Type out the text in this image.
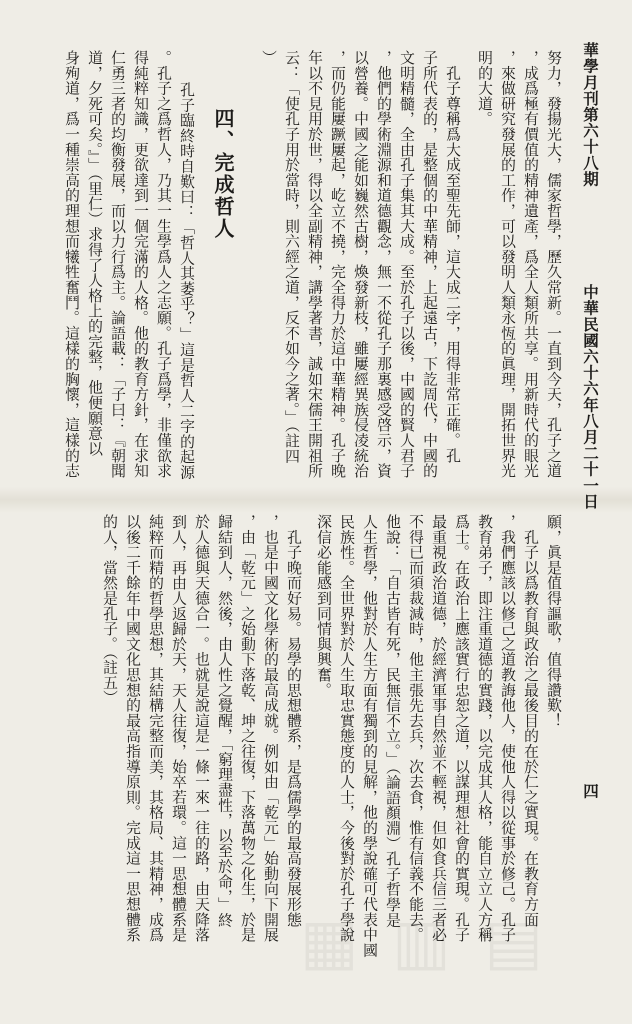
華學月刊第六十八期
中華民國六十六年八月二十一日
四
努力，發揚光大，儒家哲學，歷久常新。一直到今天，孔子之道
，成爲極有價值的精神遺產，爲全人類所共享。用新時代的眼光
，來做研究發展的工作，可以發明人類永恆的眞理，開拓世界光
明的大道。
　孔子尊稱爲大成至聖先師，這大成二字，用得非常正確。孔
子所代表的，是整個的中華精神，上起遠古，下訖周代，中國的
文明精髓，全由孔子集其大成。至於孔子以後，中國的賢人君子
，他們的學術淵源和道德觀念，無一不從孔子那裏感受啓示，資
以營養。中國之能如巍然古樹，煥發新枝，雖屢經異族侵凌統治
，而仍能屢蹶屢起，屹立不撓，完全得力於這中華精神。孔子晚
年以不見用於世，得以全副精神，講學著書，誠如宋儒王開祖所
云：「使孔子用於當時，則六經之道，反不如今之著。」（註四
）
四、完成哲人
孔子臨終時自歎曰：「哲人其萎乎？」這是哲人二字的起源
。孔子之爲哲人，乃其一生學爲人之志願。孔子爲學，非僅欲求
得純粹知識，更欲達到一個完滿的人格。他的教育方針，在求知
仁勇三者的均衡發展，而以力行爲主。論語載：「子曰：『朝聞
道，夕死可矣。』」（里仁）求得了人格上的完整，他便願意以
身殉道，爲一種崇高的理想而犧牲奮鬥。這樣的胸懷，這樣的志
願，眞是值得謳歌，值得讚歎！
　孔子以爲教育與政治之最後目的在於仁之實現。在教育方面
，我們應該以修己之道教誨他人，使他人得以從事於修己。孔子
教育弟子，即注重道德的實踐，以完成其人格，能自立立人方稱
爲士。在政治上應該實行忠恕之道，以謀理想社會的實現。孔子
最重視政治道德，於經濟軍事自然並不輕視，但如食兵信三者必
不得已而須裁減時，他主張先去兵，次去食，惟有信義不能去。
他說：「自古皆有死，民無信不立。」（論語顏淵）孔子哲學是
人生哲學，他對於人生方面有獨到的見解，他的學說確可代表中國
民族性。全世界對於人生取忠實態度的人士，今後對於孔子學說
深信必能感到同情與興奮。
　孔子晚而好易。易學的思想體系，是爲儒學的最高發展形態
，也是中國文化學術的最高成就。例如由「乾元」始動向下開展
，由「乾元」之始動下落乾、坤之往復，下落萬物之化生，於是
歸結到人，然後，由人性之覺醒，「窮理盡性，以至於命，」終
於人德與天德合一。也就是說這是一條一來一往的路，由天降落
到人，再由人返歸於天，天人往復，始卒若環。這一思想體系是
純粹而精的哲學思想，其結構完整而美，其格局、其精神，成爲
以後二千餘年中國文化思想的最高指導原則。完成這一思想體系
的人，當然是孔子。（註五）
▦ ▥ ▤
